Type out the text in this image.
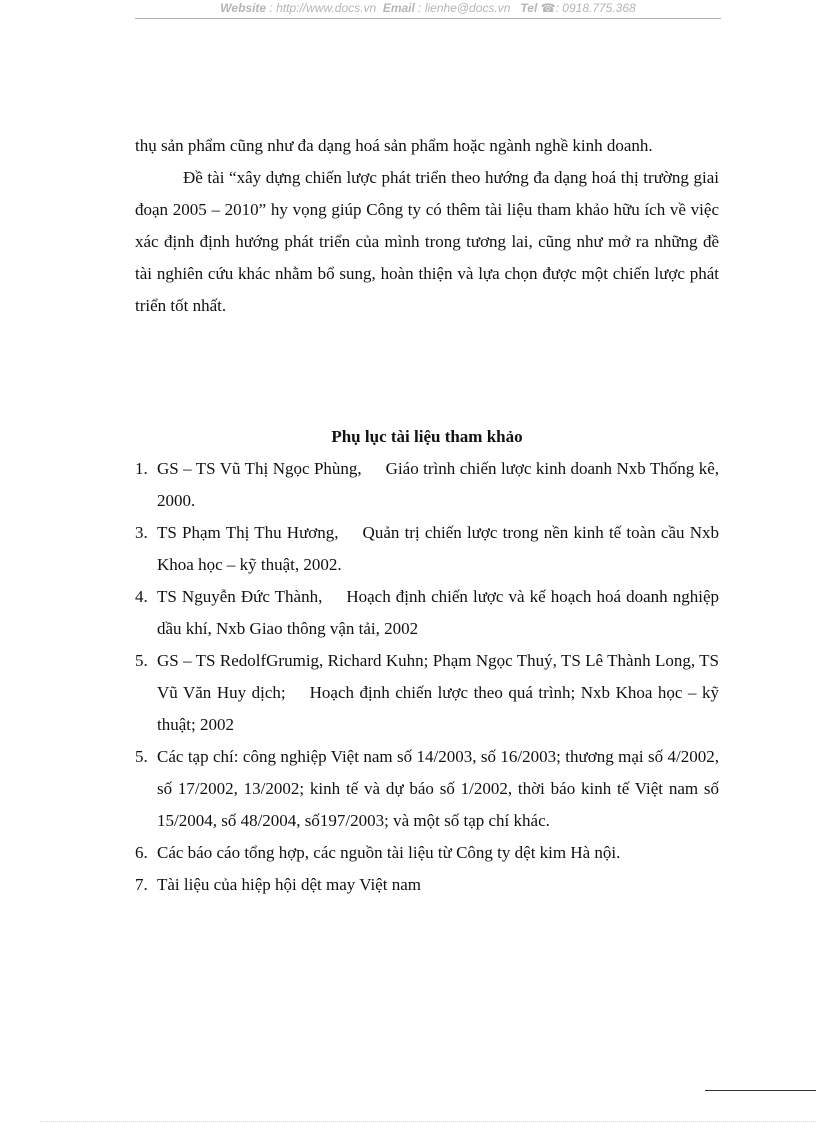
Website : http://www.docs.vn Email : lienhe@docs.vn Tel ☎: 0918.775.368

thụ sản phẩm cũng như đa dạng hoá sản phẩm hoặc ngành nghề kinh doanh.

Đề tài “xây dựng chiến lược phát triển theo hướng đa dạng hoá thị trường giai đoạn 2005 – 2010” hy vọng giúp Công ty có thêm tài liệu tham khảo hữu ích về việc xác định định hướng phát triển của mình trong tương lai, cũng như mở ra những đề tài nghiên cứu khác nhằm bổ sung, hoàn thiện và lựa chọn được một chiến lược phát triển tốt nhất.

Phụ lục tài liệu tham khảo
1. GS – TS Vũ Thị Ngọc Phùng, Giáo trình chiến lược kinh doanh Nxb Thống kê, 2000.
3. TS Phạm Thị Thu Hương, Quản trị chiến lược trong nền kinh tế toàn cầu Nxb Khoa học – kỹ thuật, 2002.
4. TS Nguyễn Đức Thành, Hoạch định chiến lược và kế hoạch hoá doanh nghiệp dầu khí, Nxb Giao thông vận tải, 2002
5. GS – TS RedolfGrumig, Richard Kuhn; Phạm Ngọc Thuý, TS Lê Thành Long, TS Vũ Văn Huy dịch; Hoạch định chiến lược theo quá trình; Nxb Khoa học – kỹ thuật; 2002
5. Các tạp chí: công nghiệp Việt nam số 14/2003, số 16/2003; thương mại số 4/2002, số 17/2002, 13/2002; kinh tế và dự báo số 1/2002, thời báo kinh tế Việt nam số 15/2004, số 48/2004, số197/2003; và một số tạp chí khác.
6. Các báo cáo tổng hợp, các nguồn tài liệu từ Công ty dệt kim Hà nội.
7. Tài liệu của hiệp hội dệt may Việt nam
